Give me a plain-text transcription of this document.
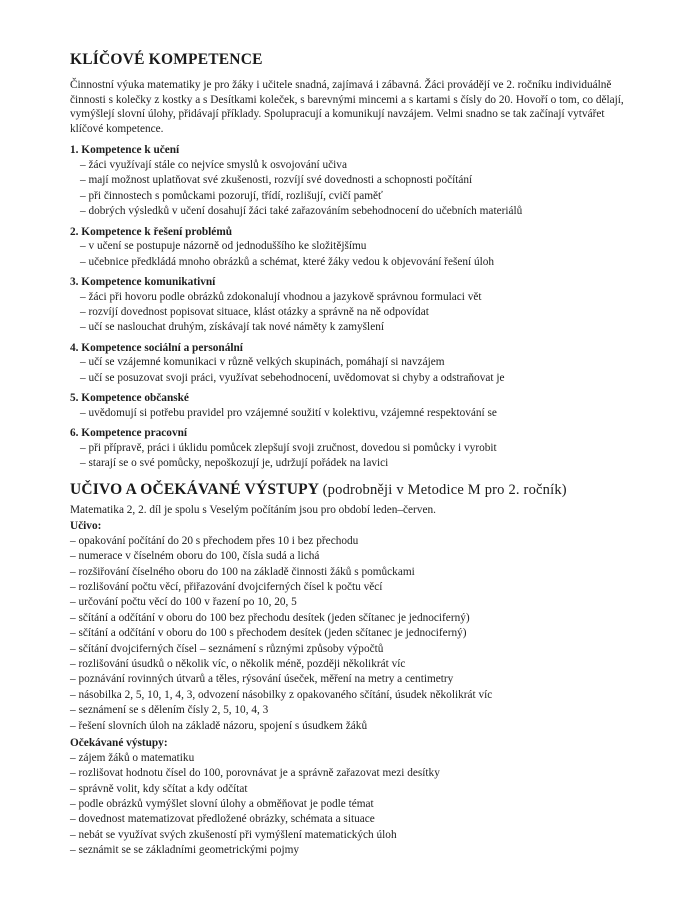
KLÍČOVÉ KOMPETENCE

Činnostní výuka matematiky je pro žáky i učitele snadná, zajímavá i zábavná. Žáci provádějí ve 2. ročníku individuálně činnosti s kolečky z kostky a s Desítkami koleček, s barevnými mincemi a s kartami s čísly do 20. Hovoří o tom, co dělají, vymýšlejí slovní úlohy, přidávají příklady. Spolupracují a komunikují navzájem. Velmi snadno se tak začínají vytvářet klíčové kompetence.

1. Kompetence k učení
– žáci využívají stále co nejvíce smyslů k osvojování učiva
– mají možnost uplatňovat své zkušenosti, rozvíjí své dovednosti a schopnosti počítání
– při činnostech s pomůckami pozorují, třídí, rozlišují, cvičí paměť
– dobrých výsledků v učení dosahují žáci také zařazováním sebehodnocení do učebních materiálů
2. Kompetence k řešení problémů
– v učení se postupuje názorně od jednoduššího ke složitějšímu
– učebnice předkládá mnoho obrázků a schémat, které žáky vedou k objevování řešení úloh
3. Kompetence komunikativní
– žáci při hovoru podle obrázků zdokonalují vhodnou a jazykově správnou formulaci vět
– rozvíjí dovednost popisovat situace, klást otázky a správně na ně odpovídat
– učí se naslouchat druhým, získávají tak nové náměty k zamyšlení
4. Kompetence sociální a personální
– učí se vzájemné komunikaci v různě velkých skupinách, pomáhají si navzájem
– učí se posuzovat svoji práci, využívat sebehodnocení, uvědomovat si chyby a odstraňovat je
5. Kompetence občanské
– uvědomují si potřebu pravidel pro vzájemné soužití v kolektivu, vzájemné respektování se
6. Kompetence pracovní
– při přípravě, práci i úklidu pomůcek zlepšují svoji zručnost, dovedou si pomůcky i vyrobit
– starají se o své pomůcky, nepoškozují je, udržují pořádek na lavici
UČIVO A OČEKÁVANÉ VÝSTUPY (podrobněji v Metodice M pro 2. ročník)

Matematika 2, 2. díl je spolu s Veselým počítáním jsou pro období leden–červen.

Učivo:
– opakování počítání do 20 s přechodem přes 10 i bez přechodu
– numerace v číselném oboru do 100, čísla sudá a lichá
– rozšiřování číselného oboru do 100 na základě činnosti žáků s pomůckami
– rozlišování počtu věcí, přiřazování dvojciferných čísel k počtu věcí
– určování počtu věcí do 100 v řazení po 10, 20, 5
– sčítání a odčítání v oboru do 100 bez přechodu desítek (jeden sčítanec je jednociferný)
– sčítání a odčítání v oboru do 100 s přechodem desítek (jeden sčítanec je jednociferný)
– sčítání dvojciferných čísel – seznámení s různými způsoby výpočtů
– rozlišování úsudků o několik víc, o několik méně, později několikrát víc
– poznávání rovinných útvarů a těles, rýsování úseček, měření na metry a centimetry
– násobilka 2, 5, 10, 1, 4, 3, odvození násobilky z opakovaného sčítání, úsudek několikrát víc
– seznámení se s dělením čísly 2, 5, 10, 4, 3
– řešení slovních úloh na základě názoru, spojení s úsudkem žáků
Očekávané výstupy:
– zájem žáků o matematiku
– rozlišovat hodnotu čísel do 100, porovnávat je a správně zařazovat mezi desítky
– správně volit, kdy sčítat a kdy odčítat
– podle obrázků vymýšlet slovní úlohy a obměňovat je podle témat
– dovednost matematizovat předložené obrázky, schémata a situace
– nebát se využívat svých zkušeností při vymýšlení matematických úloh
– seznámit se se základními geometrickými pojmy
